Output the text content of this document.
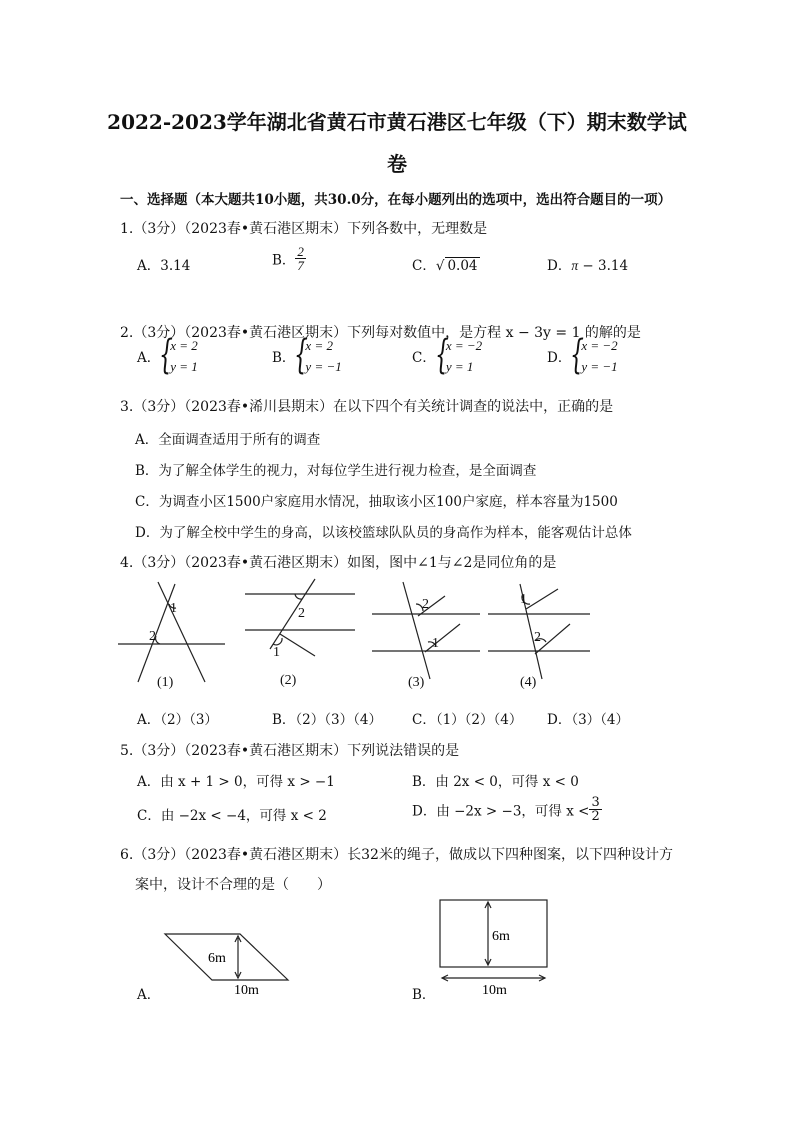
2022-2023学年湖北省黄石市黄石港区七年级（下）期末数学试
卷
一、选择题（本大题共10小题，共30.0分，在每小题列出的选项中，选出符合题目的一项）
1.（3分）（2023春•黄石港区期末）下列各数中，无理数是
A．3.14	B． $\frac{2}{7}$	C．√ 0.04	D．π − 3.14
2.（3分）（2023春•黄石港区期末）下列每对数值中，是方程 x − 3y = 1 的解的是
A． {
x = 2
y = 1
B． {
x = 2
y = −1
C． {
x = −2
y = 1
D． {
x = −2
y = −1
3.（3分）（2023春•浠川县期末）在以下四个有关统计调查的说法中，正确的是
A．全面调查适用于所有的调查
B．为了解全体学生的视力，对每位学生进行视力检查，是全面调查
C．为调查小区1500户家庭用水情况，抽取该小区100户家庭，样本容量为1500
D．为了解全校中学生的身高，以该校篮球队队员的身高作为样本，能客观估计总体
4.（3分）（2023春•黄石港区期末）如图，图中∠1与∠2是同位角的是
1
2
2
1
2
1
1
2
(1)	(2)	(3)	(4)
A．（2）（3）	B．（2）（3）（4） C．（1）（2）（4） D．（3）（4）
5.（3分）（2023春•黄石港区期末）下列说法错误的是
A．由 x + 1 > 0，可得 x > −1	B．由 2x < 0，可得 x < 0
C．由 −2x < −4，可得 x < 2	D．由 −2x > −3，可得 $x < \frac{3}{2}$
6.（3分）（2023春•黄石港区期末）长32米的绳子，做成以下四种图案，以下四种设计方
案中，设计不合理的是（　　）
A．
6m
10m	B．
6m
10m
